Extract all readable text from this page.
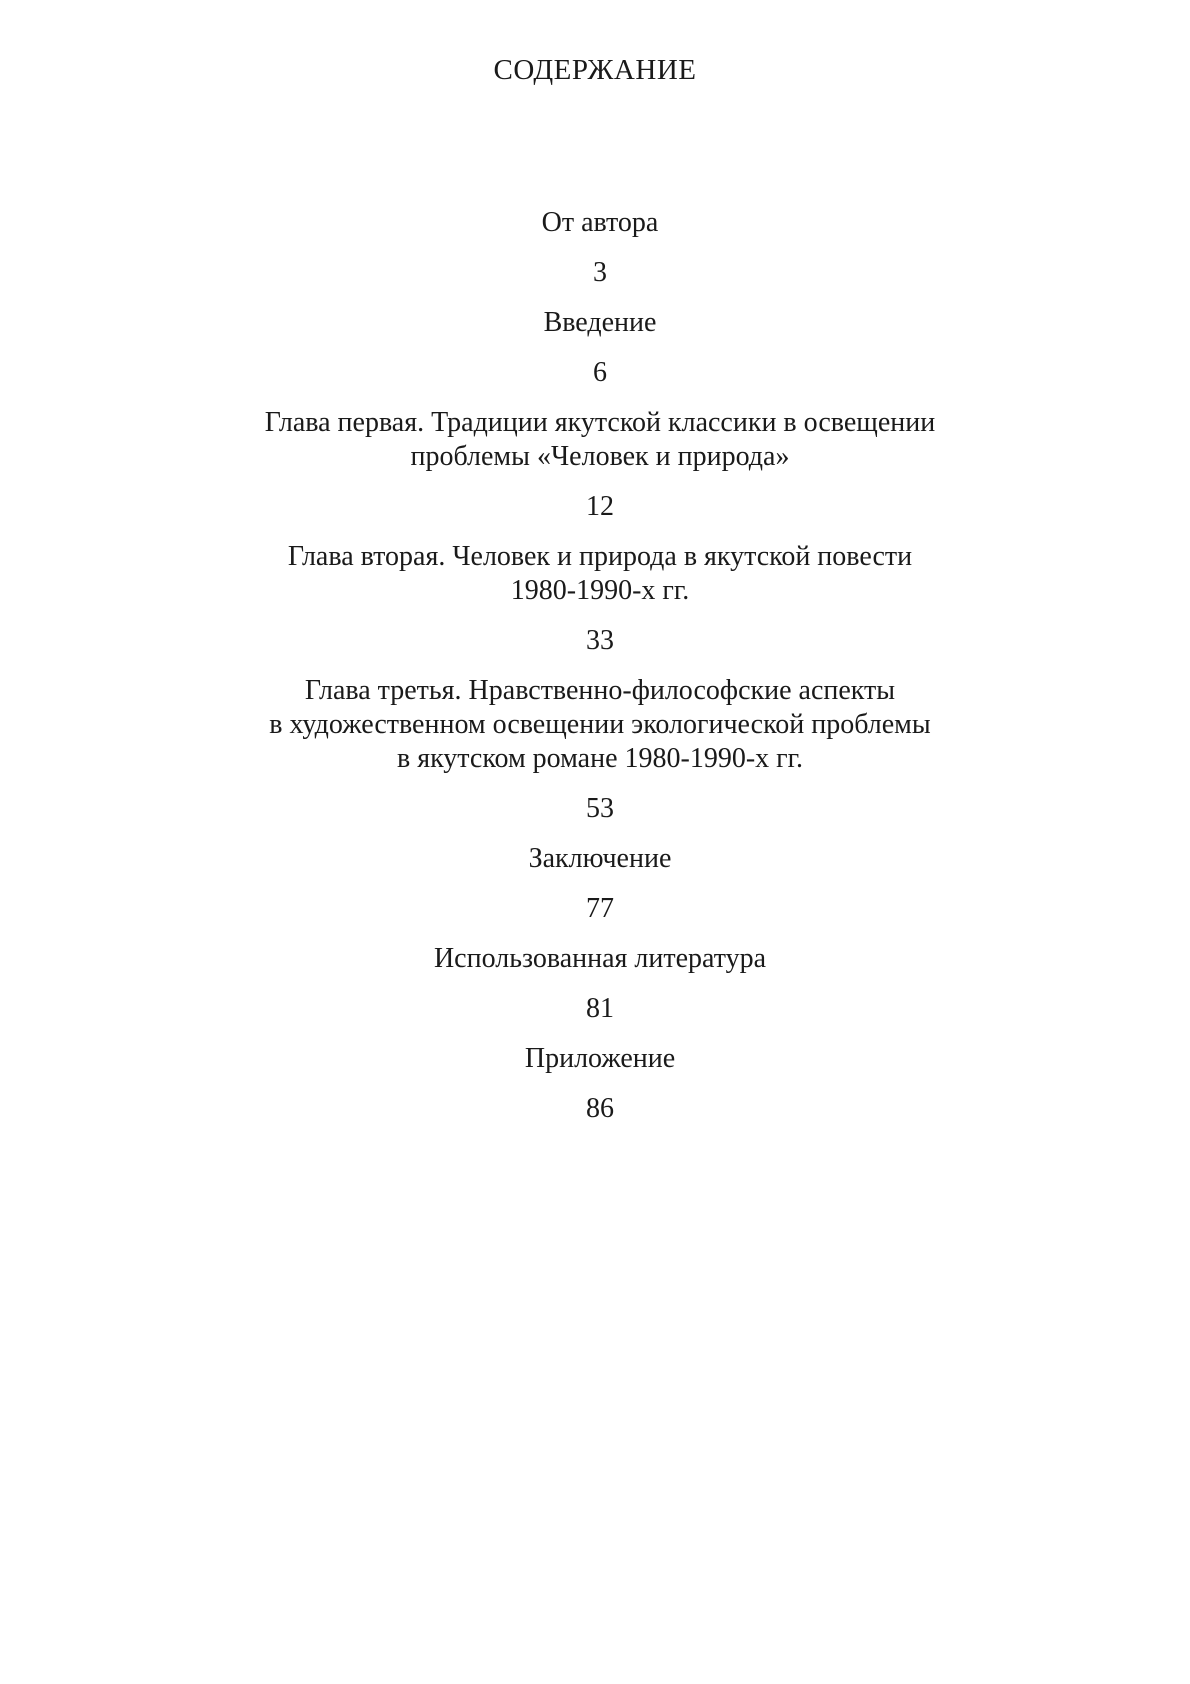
СОДЕРЖАНИЕ
От автора
3
Введение
6
Глава первая. Традиции якутской классики в освещении
проблемы «Человек и природа»
12
Глава вторая. Человек и природа в якутской повести
1980-1990-х гг.
33
Глава третья. Нравственно-философские аспекты
в художественном освещении экологической проблемы
в якутском романе 1980-1990-х гг.
53
Заключение
77
Использованная литература
81
Приложение
86
